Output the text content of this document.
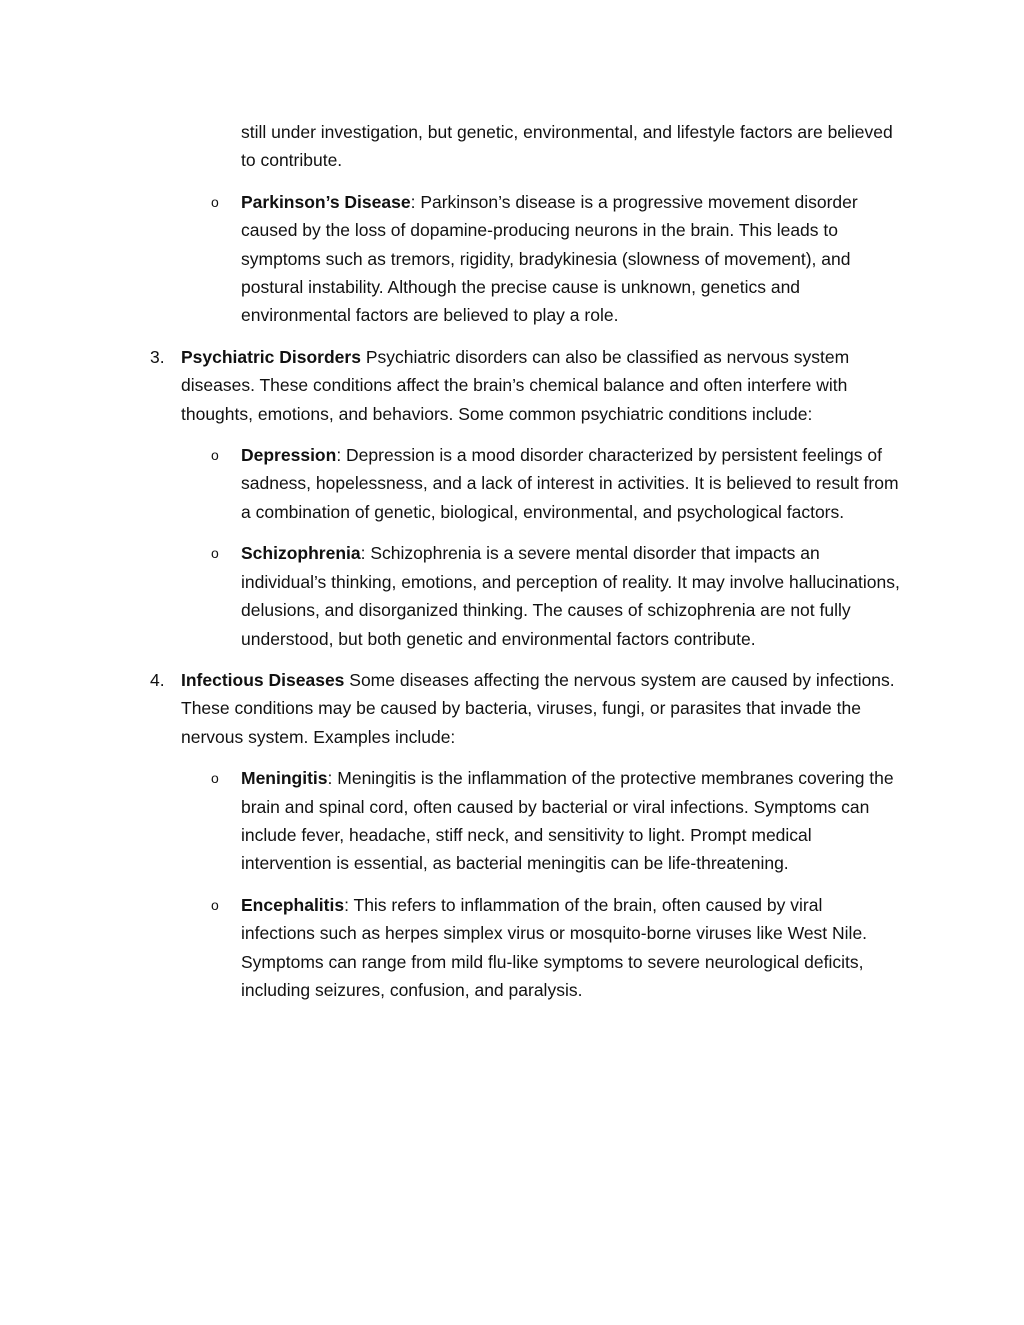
still under investigation, but genetic, environmental, and lifestyle factors are believed to contribute.

o Parkinson’s Disease: Parkinson’s disease is a progressive movement disorder caused by the loss of dopamine-producing neurons in the brain. This leads to symptoms such as tremors, rigidity, bradykinesia (slowness of movement), and postural instability. Although the precise cause is unknown, genetics and environmental factors are believed to play a role.

3. Psychiatric Disorders Psychiatric disorders can also be classified as nervous system diseases. These conditions affect the brain’s chemical balance and often interfere with thoughts, emotions, and behaviors. Some common psychiatric conditions include:

o Depression: Depression is a mood disorder characterized by persistent feelings of sadness, hopelessness, and a lack of interest in activities. It is believed to result from a combination of genetic, biological, environmental, and psychological factors.

o Schizophrenia: Schizophrenia is a severe mental disorder that impacts an individual’s thinking, emotions, and perception of reality. It may involve hallucinations, delusions, and disorganized thinking. The causes of schizophrenia are not fully understood, but both genetic and environmental factors contribute.

4. Infectious Diseases Some diseases affecting the nervous system are caused by infections. These conditions may be caused by bacteria, viruses, fungi, or parasites that invade the nervous system. Examples include:

o Meningitis: Meningitis is the inflammation of the protective membranes covering the brain and spinal cord, often caused by bacterial or viral infections. Symptoms can include fever, headache, stiff neck, and sensitivity to light. Prompt medical intervention is essential, as bacterial meningitis can be life-threatening.

o Encephalitis: This refers to inflammation of the brain, often caused by viral infections such as herpes simplex virus or mosquito-borne viruses like West Nile. Symptoms can range from mild flu-like symptoms to severe neurological deficits, including seizures, confusion, and paralysis.
